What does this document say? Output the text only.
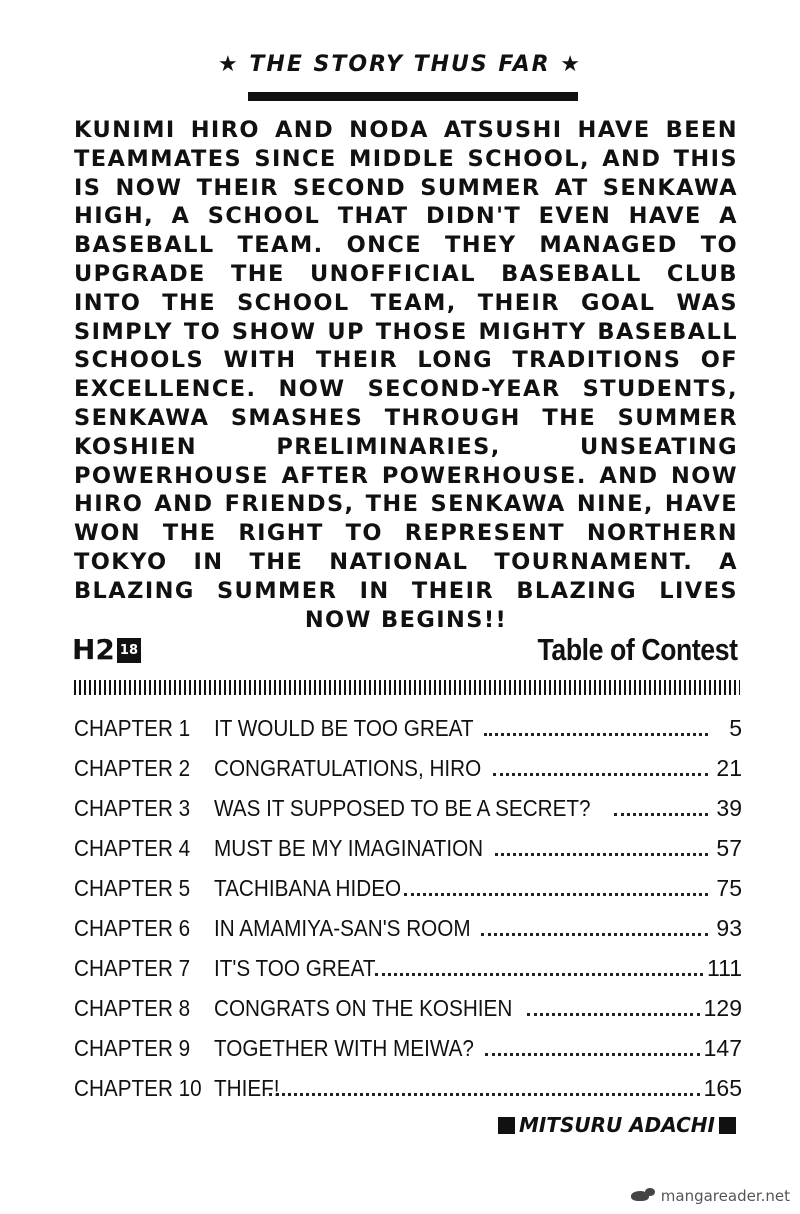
★ THE STORY THUS FAR ★
KUNIMI HIRO AND NODA ATSUSHI HAVE BEEN TEAMMATES SINCE MIDDLE SCHOOL, AND THIS IS NOW THEIR SECOND SUMMER AT SENKAWA HIGH, A SCHOOL THAT DIDN'T EVEN HAVE A BASEBALL TEAM. ONCE THEY MANAGED TO UPGRADE THE UNOFFICIAL BASEBALL CLUB INTO THE SCHOOL TEAM, THEIR GOAL WAS SIMPLY TO SHOW UP THOSE MIGHTY BASEBALL SCHOOLS WITH THEIR LONG TRADITIONS OF EXCELLENCE. NOW SECOND-YEAR STUDENTS, SENKAWA SMASHES THROUGH THE SUMMER KOSHIEN PRELIMINARIES, UNSEATING POWERHOUSE AFTER POWERHOUSE. AND NOW HIRO AND FRIENDS, THE SENKAWA NINE, HAVE WON THE RIGHT TO REPRESENT NORTHERN TOKYO IN THE NATIONAL TOURNAMENT. A BLAZING SUMMER IN THEIR BLAZING LIVES NOW BEGINS!!
H2 18	Table of Contest
CHAPTER 1	IT WOULD BE TOO GREAT	5
CHAPTER 2	CONGRATULATIONS, HIRO	21
CHAPTER 3	WAS IT SUPPOSED TO BE A SECRET?	39
CHAPTER 4	MUST BE MY IMAGINATION	57
CHAPTER 5	TACHIBANA HIDEO	75
CHAPTER 6	IN AMAMIYA-SAN'S ROOM	93
CHAPTER 7	IT'S TOO GREAT	111
CHAPTER 8	CONGRATS ON THE KOSHIEN	129
CHAPTER 9	TOGETHER WITH MEIWA?	147
CHAPTER 10 THIEF!	165
MITSURU ADACHI
mangareader.net
